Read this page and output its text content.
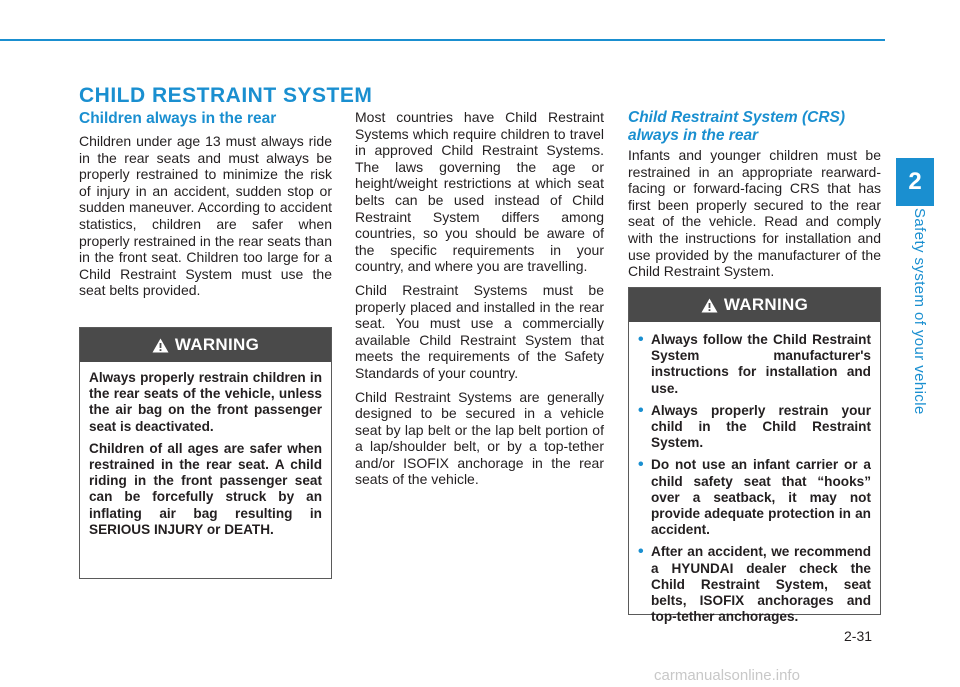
2
Safety system of your vehicle
CHILD RESTRAINT SYSTEM
Children always in the rear

Children under age 13 must always ride in the rear seats and must always be properly restrained to minimize the risk of injury in an accident, sudden stop or sudden maneuver. According to accident statistics, children are safer when properly restrained in the rear seats than in the front seat. Children too large for a Child Restraint System must use the seat belts provided.

WARNING

Always properly restrain children in the rear seats of the vehicle, unless the air bag on the front passenger seat is deactivated.

Children of all ages are safer when restrained in the rear seat. A child riding in the front passenger seat can be forcefully struck by an inflating air bag resulting in SERIOUS INJURY or DEATH.

Most countries have Child Restraint Systems which require children to travel in approved Child Restraint Systems. The laws governing the age or height/weight restrictions at which seat belts can be used instead of Child Restraint System differs among countries, so you should be aware of the specific requirements in your country, and where you are travelling.

Child Restraint Systems must be properly placed and installed in the rear seat. You must use a commercially available Child Restraint System that meets the requirements of the Safety Standards of your country.

Child Restraint Systems are generally designed to be secured in a vehicle seat by lap belt or the lap belt portion of a lap/shoulder belt, or by a top-tether and/or ISOFIX anchorage in the rear seats of the vehicle.

Child Restraint System (CRS) always in the rear

Infants and younger children must be restrained in an appropriate rearward-facing or forward-facing CRS that has first been properly secured to the rear seat of the vehicle. Read and comply with the instructions for installation and use provided by the manufacturer of the Child Restraint System.

WARNING
• Always follow the Child Restraint System manufacturer's instructions for installation and use.
• Always properly restrain your child in the Child Restraint System.
• Do not use an infant carrier or a child safety seat that “hooks” over a seatback, it may not provide adequate protection in an accident.
• After an accident, we recommend a HYUNDAI dealer check the Child Restraint System, seat belts, ISOFIX anchorages and top-tether anchorages.
2-31
carmanualsonline.info
